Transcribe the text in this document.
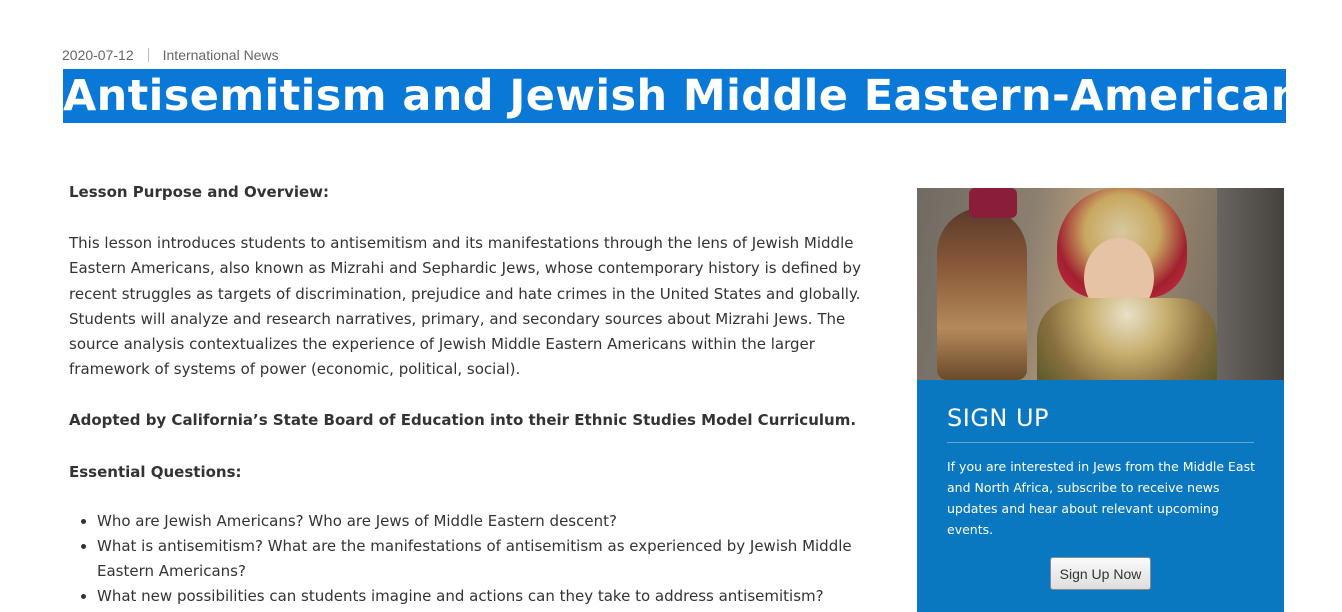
2020-07-12 International News
Antisemitism and Jewish Middle Eastern-Americans

Lesson Purpose and Overview:

This lesson introduces students to antisemitism and its manifestations through the lens of Jewish Middle Eastern Americans, also known as Mizrahi and Sephardic Jews, whose contemporary history is defined by recent struggles as targets of discrimination, prejudice and hate crimes in the United States and globally. Students will analyze and research narratives, primary, and secondary sources about Mizrahi Jews. The source analysis contextualizes the experience of Jewish Middle Eastern Americans within the larger framework of systems of power (economic, political, social).

Adopted by California’s State Board of Education into their Ethnic Studies Model Curriculum.

Essential Questions:

• Who are Jewish Americans? Who are Jews of Middle Eastern descent?
• What is antisemitism? What are the manifestations of antisemitism as experienced by Jewish Middle Eastern Americans?
• What new possibilities can students imagine and actions can they take to address antisemitism?
SIGN UP

If you are interested in Jews from the Middle East and North Africa, subscribe to receive news updates and hear about relevant upcoming events.

Sign Up Now
